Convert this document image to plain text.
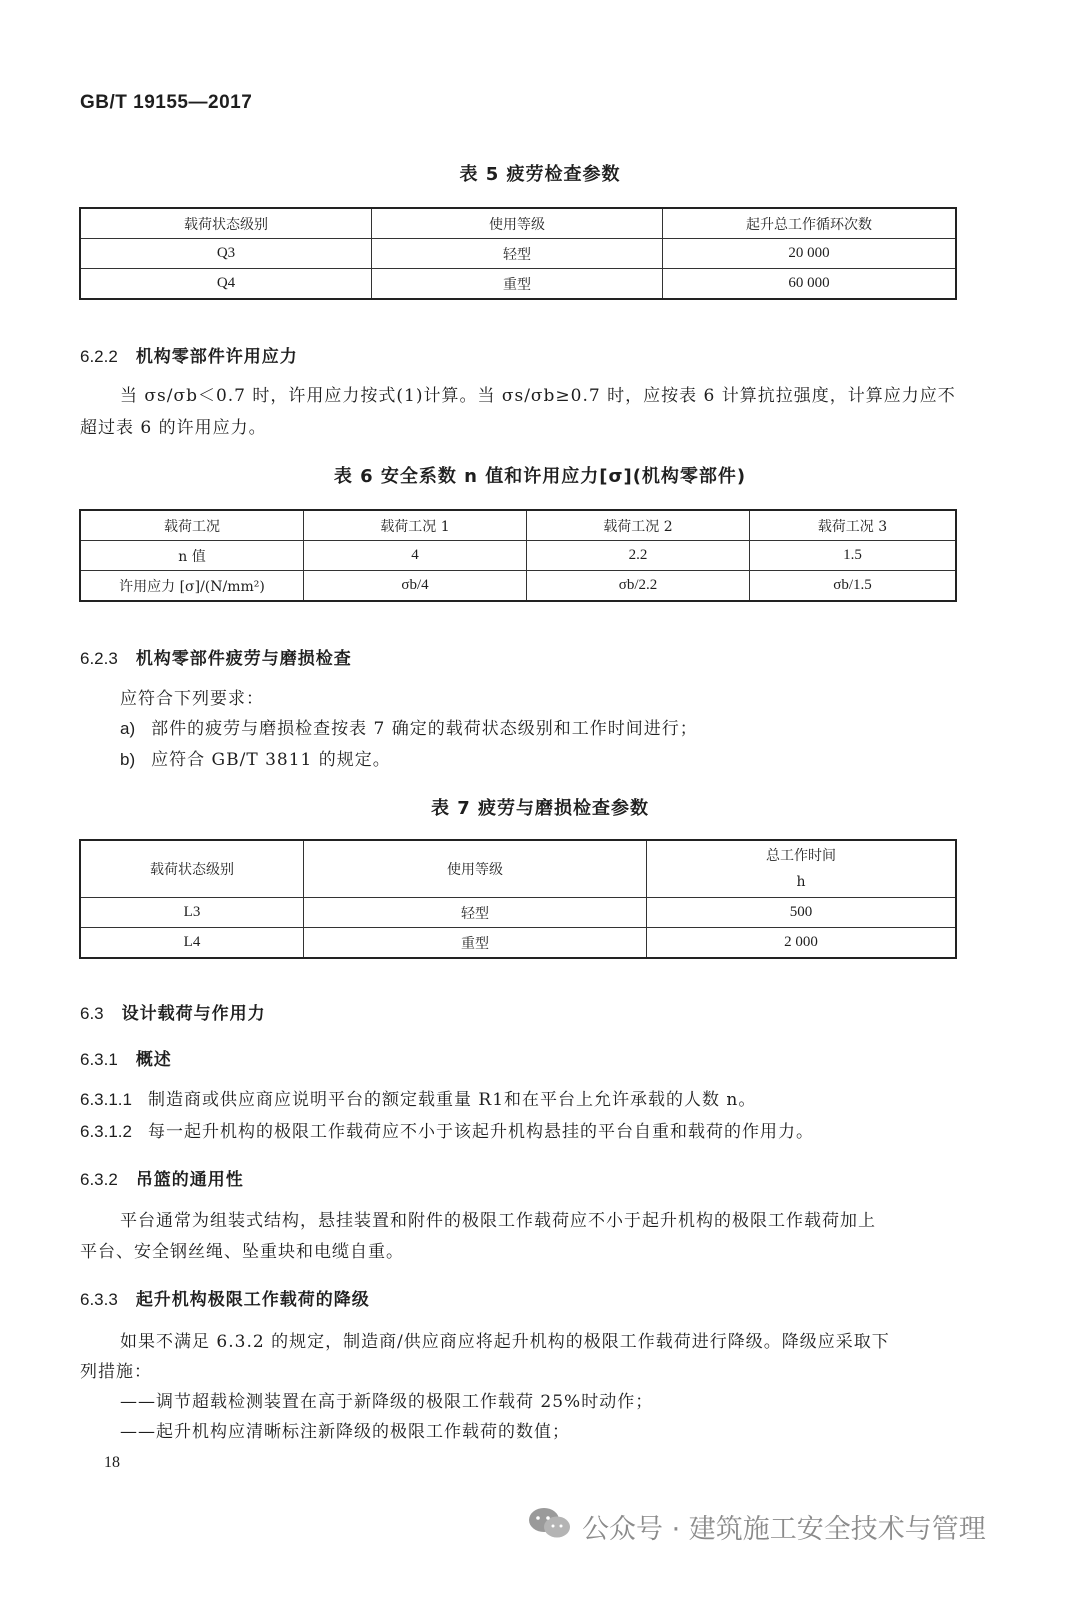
GB/T 19155—2017
表 5 疲劳检查参数
载荷状态级别	使用等级	起升总工作循环次数
Q3	轻型	20 000
Q4	重型	60 000
6.2.2 机构零部件许用应力
当 σs/σb＜0.7 时，许用应力按式(1)计算。当 σs/σb≥0.7 时，应按表 6 计算抗拉强度，计算应力应不
超过表 6 的许用应力。
表 6 安全系数 n 值和许用应力[σ](机构零部件)
载荷工况	载荷工况 1	载荷工况 2	载荷工况 3
n 值	4	2.2	1.5
许用应力 [σ]/(N/mm²)	σb/4	σb/2.2	σb/1.5
6.2.3 机构零部件疲劳与磨损检查
应符合下列要求：
a) 部件的疲劳与磨损检查按表 7 确定的载荷状态级别和工作时间进行；
b) 应符合 GB/T 3811 的规定。
表 7 疲劳与磨损检查参数
载荷状态级别	使用等级	总工作时间
h

L3	轻型	500
L4	重型	2 000
6.3 设计载荷与作用力
6.3.1 概述
6.3.1.1 制造商或供应商应说明平台的额定载重量 R1和在平台上允许承载的人数 n。
6.3.1.2 每一起升机构的极限工作载荷应不小于该起升机构悬挂的平台自重和载荷的作用力。
6.3.2 吊篮的通用性
平台通常为组装式结构，悬挂装置和附件的极限工作载荷应不小于起升机构的极限工作载荷加上
平台、安全钢丝绳、坠重块和电缆自重。
6.3.3 起升机构极限工作载荷的降级
如果不满足 6.3.2 的规定，制造商/供应商应将起升机构的极限工作载荷进行降级。降级应采取下
列措施：
——调节超载检测装置在高于新降级的极限工作载荷 25%时动作；
——起升机构应清晰标注新降级的极限工作载荷的数值；
18
公众号 · 建筑施工安全技术与管理
